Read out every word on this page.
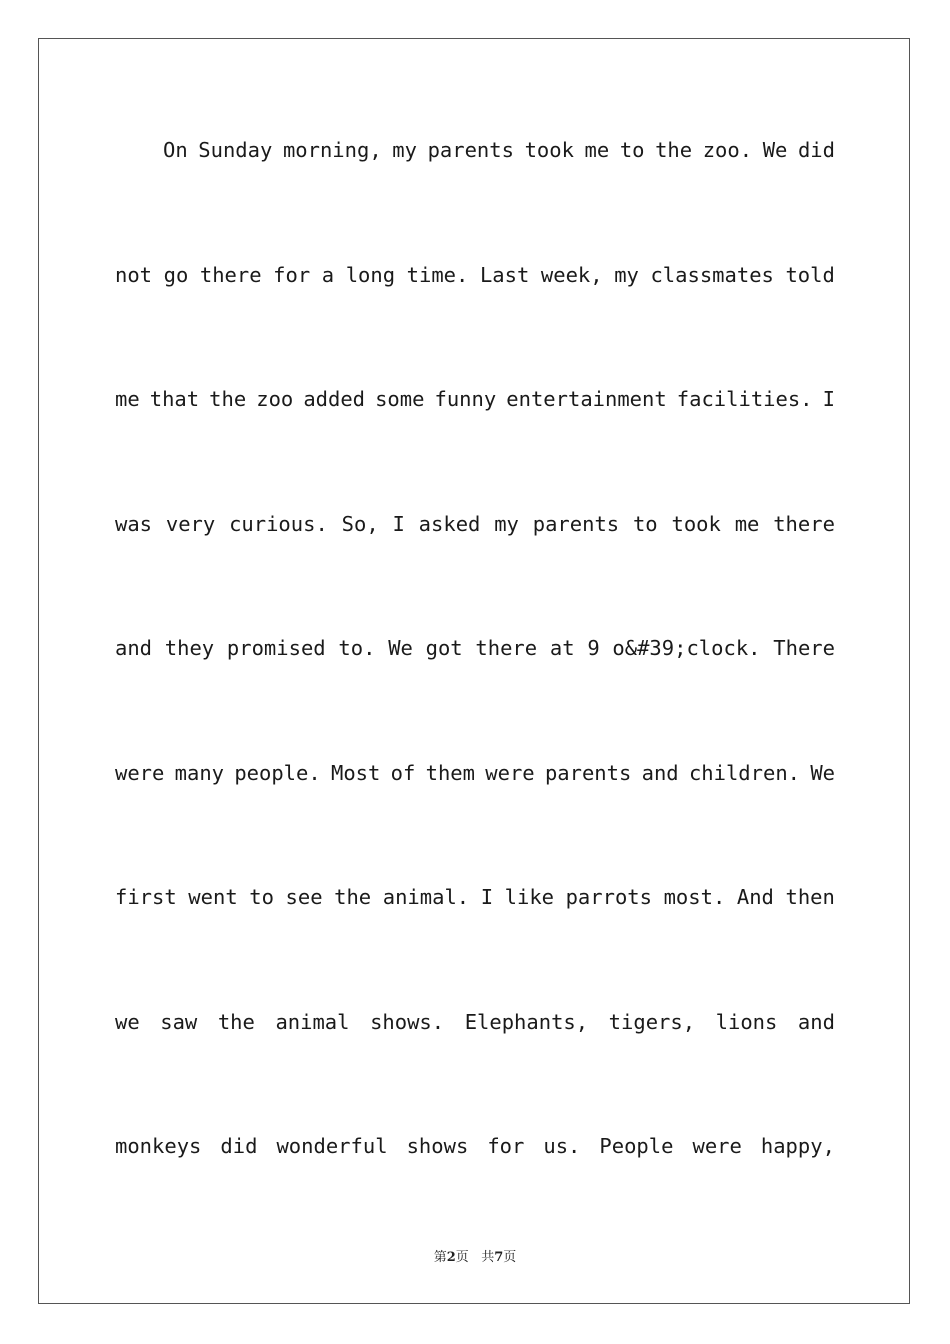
On Sunday morning, my parents took me to the zoo. We did
not go there for a long time. Last week, my classmates told
me that the zoo added some funny entertainment facilities. I
was very curious. So, I asked my parents to took me there
and they promised to. We got there at 9 o&#39;clock. There
were many people. Most of them were parents and children. We
first went to see the animal. I like parrots most. And then
we saw the animal shows. Elephants, tigers, lions and
monkeys did wonderful shows for us. People were happy,
第2页 共7页
